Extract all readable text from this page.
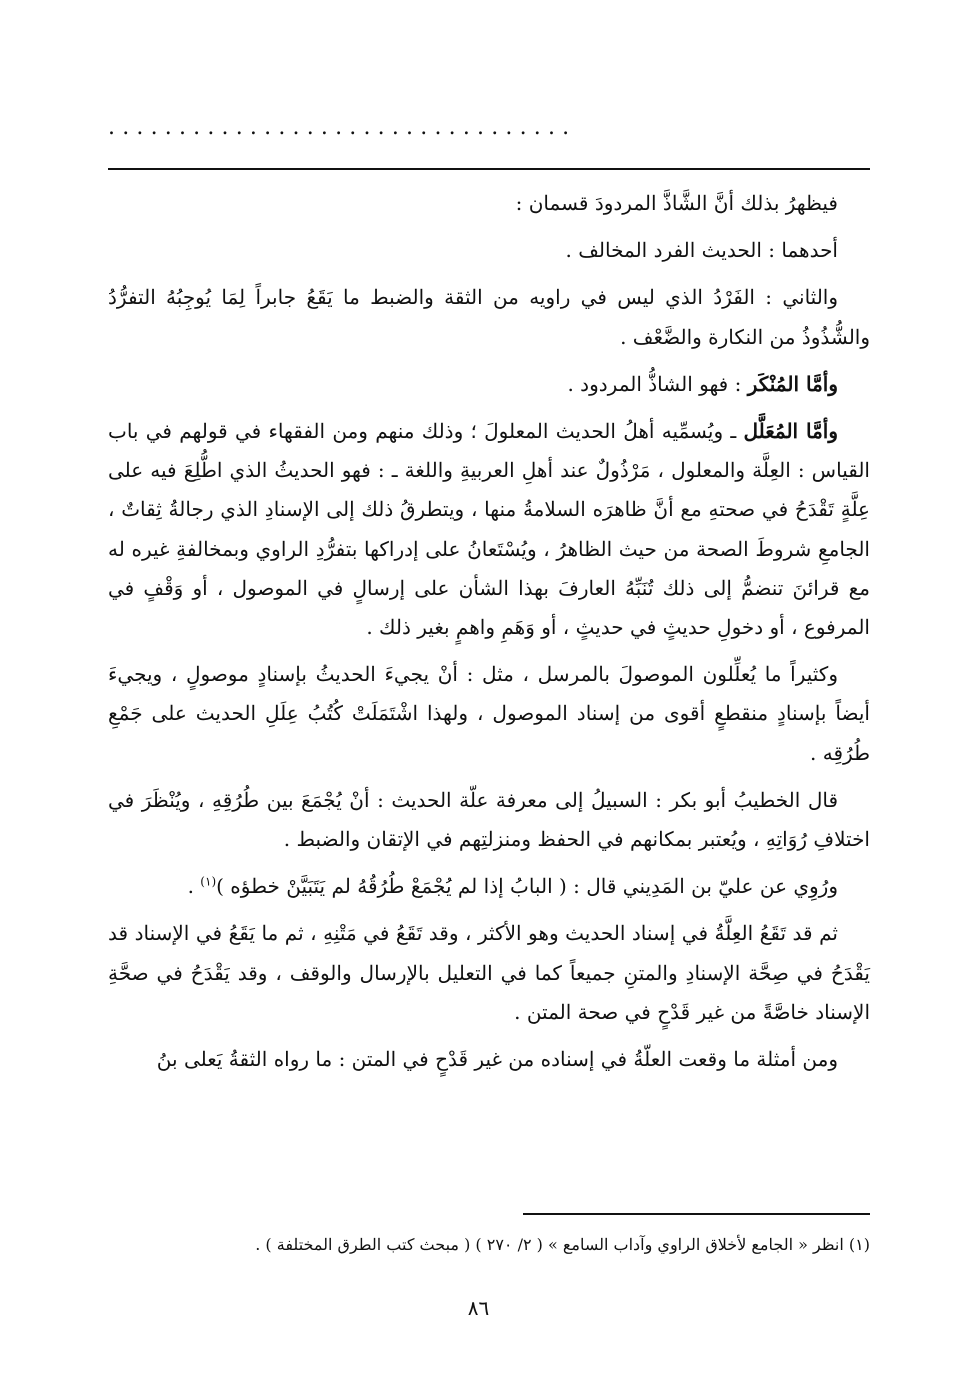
.................................

فيظهرُ بذلك أنَّ الشَّاذَّ المردودَ قسمان :

أحدهما : الحديث الفرد المخالف .

والثاني : الفَرْدُ الذي ليس في راويه من الثقة والضبط ما يَقَعُ جابراً لِمَا يُوجِبُهُ التفرُّدُ والشُّذُوذُ من النكارة والضَّعْف .

وأمَّا المُنْكَر : فهو الشاذُّ المردود .

وأمَّا المُعَلَّل ـ ويُسمِّيه أهلُ الحديث المعلولَ ؛ وذلك منهم ومن الفقهاء في قولهم في باب القياس : العِلَّة والمعلول ، مَرْذُولٌ عند أهلِ العربيةِ واللغة ـ : فهو الحديثُ الذي اطُّلِعَ فيه على عِلَّةٍ تَقْدَحُ في صحتهِ مع أنَّ ظاهرَه السلامةُ منها ، ويتطرقُ ذلك إلى الإسنادِ الذي رجالةُ ثِقاتٌ ، الجامعِ شروطَ الصحة من حيث الظاهرُ ، ويُسْتَعانُ على إدراكها بتفرُّدِ الراوي وبمخالفةِ غيره له مع قرائنَ تنضمُّ إلى ذلك تُنَبِّهُ العارفَ بهذا الشأن على إرسالٍ في الموصول ، أو وَقْفٍ في المرفوع ، أو دخولِ حديثٍ في حديثٍ ، أو وَهَمِ واهمٍ بغير ذلك .

وكثيراً ما يُعلِّلون الموصولَ بالمرسل ، مثل : أنْ يجيءَ الحديثُ بإسنادٍ موصولٍ ، ويجيءَ أيضاً بإسنادٍ منقطعٍ أقوى من إسناد الموصول ، ولهذا اشْتَمَلَتْ كُتُبُ عِلَلِ الحديث على جَمْعِ طُرُقِه .

قال الخطيبُ أبو بكر : السبيلُ إلى معرفة علّة الحديث : أنْ يُجْمَعَ بين طُرُقِهِ ، ويُنْظَرَ في اختلافِ رُوَاتِهِ ، ويُعتبر بمكانهم في الحفظ ومنزلتِهم في الإتقان والضبط .

ورُوِي عن عليّ بن المَدِيني قال : ( البابُ إذا لم يُجْمَعْ طُرُقُهُ لم يَتَبَيَّنْ خطؤه )$^{(١)}$ .

ثم قد تَقَعُ العِلَّةُ في إسناد الحديث وهو الأكثر ، وقد تَقَعُ في مَتْنِهِ ، ثم ما يَقَعُ في الإسناد قد يَقْدَحُ في صِحَّة الإسنادِ والمتنِ جميعاً كما في التعليل بالإرسال والوقف ، وقد يَقْدَحُ في صحَّةِ الإسناد خاصَّةً من غير قَدْحٍ في صحة المتن .

ومن أمثلة ما وقعت العلّةُ في إسناده من غير قَدْحٍ في المتن : ما رواه الثقةُ يَعلى بنُ

(١) انظر « الجامع لأخلاق الراوي وآداب السامع » ( ٢/ ٢٧٠ ) ( مبحث كتب الطرق المختلفة ) .
٨٦
